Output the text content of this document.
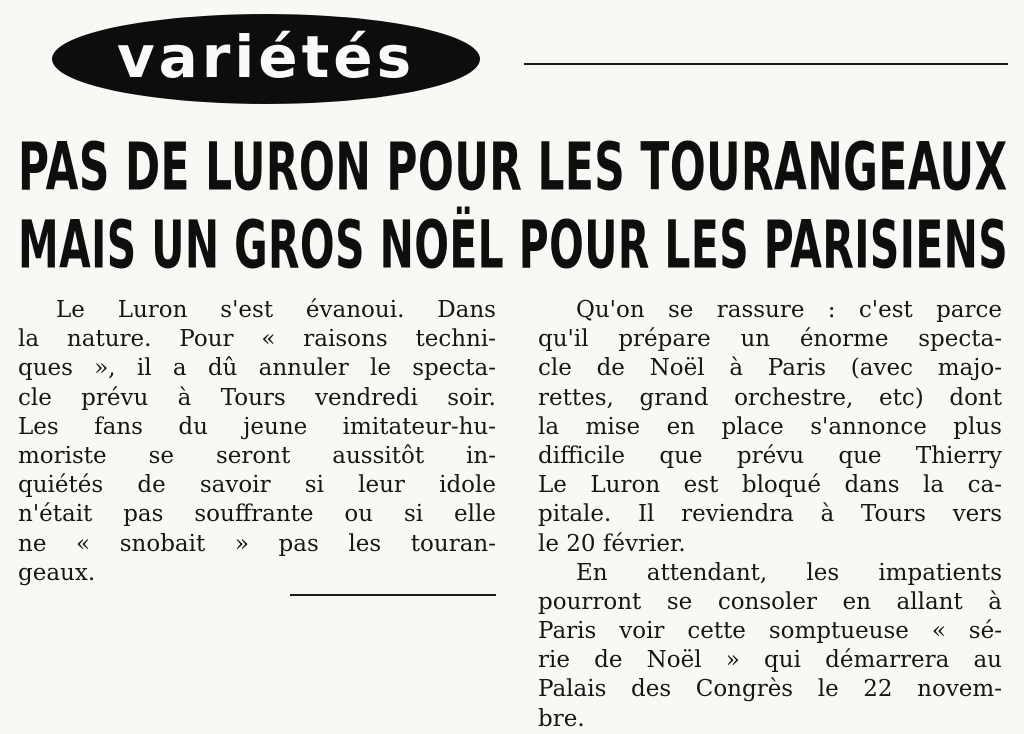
variétés
PAS DE LURON POUR LES TOURANGEAUX
MAIS UN GROS NOËL POUR LES PARISIENS
Le Luron s'est évanoui. Dans
la nature. Pour « raisons techni-
ques », il a dû annuler le specta-
cle prévu à Tours vendredi soir.
Les fans du jeune imitateur-hu-
moriste se seront aussitôt in-
quiétés de savoir si leur idole
n'était pas souffrante ou si elle
ne « snobait » pas les touran-
geaux.
Qu'on se rassure : c'est parce
qu'il prépare un énorme specta-
cle de Noël à Paris (avec majo-
rettes, grand orchestre, etc) dont
la mise en place s'annonce plus
difficile que prévu que Thierry
Le Luron est bloqué dans la ca-
pitale. Il reviendra à Tours vers
le 20 février.
En attendant, les impatients
pourront se consoler en allant à
Paris voir cette somptueuse « sé-
rie de Noël » qui démarrera au
Palais des Congrès le 22 novem-
bre.
